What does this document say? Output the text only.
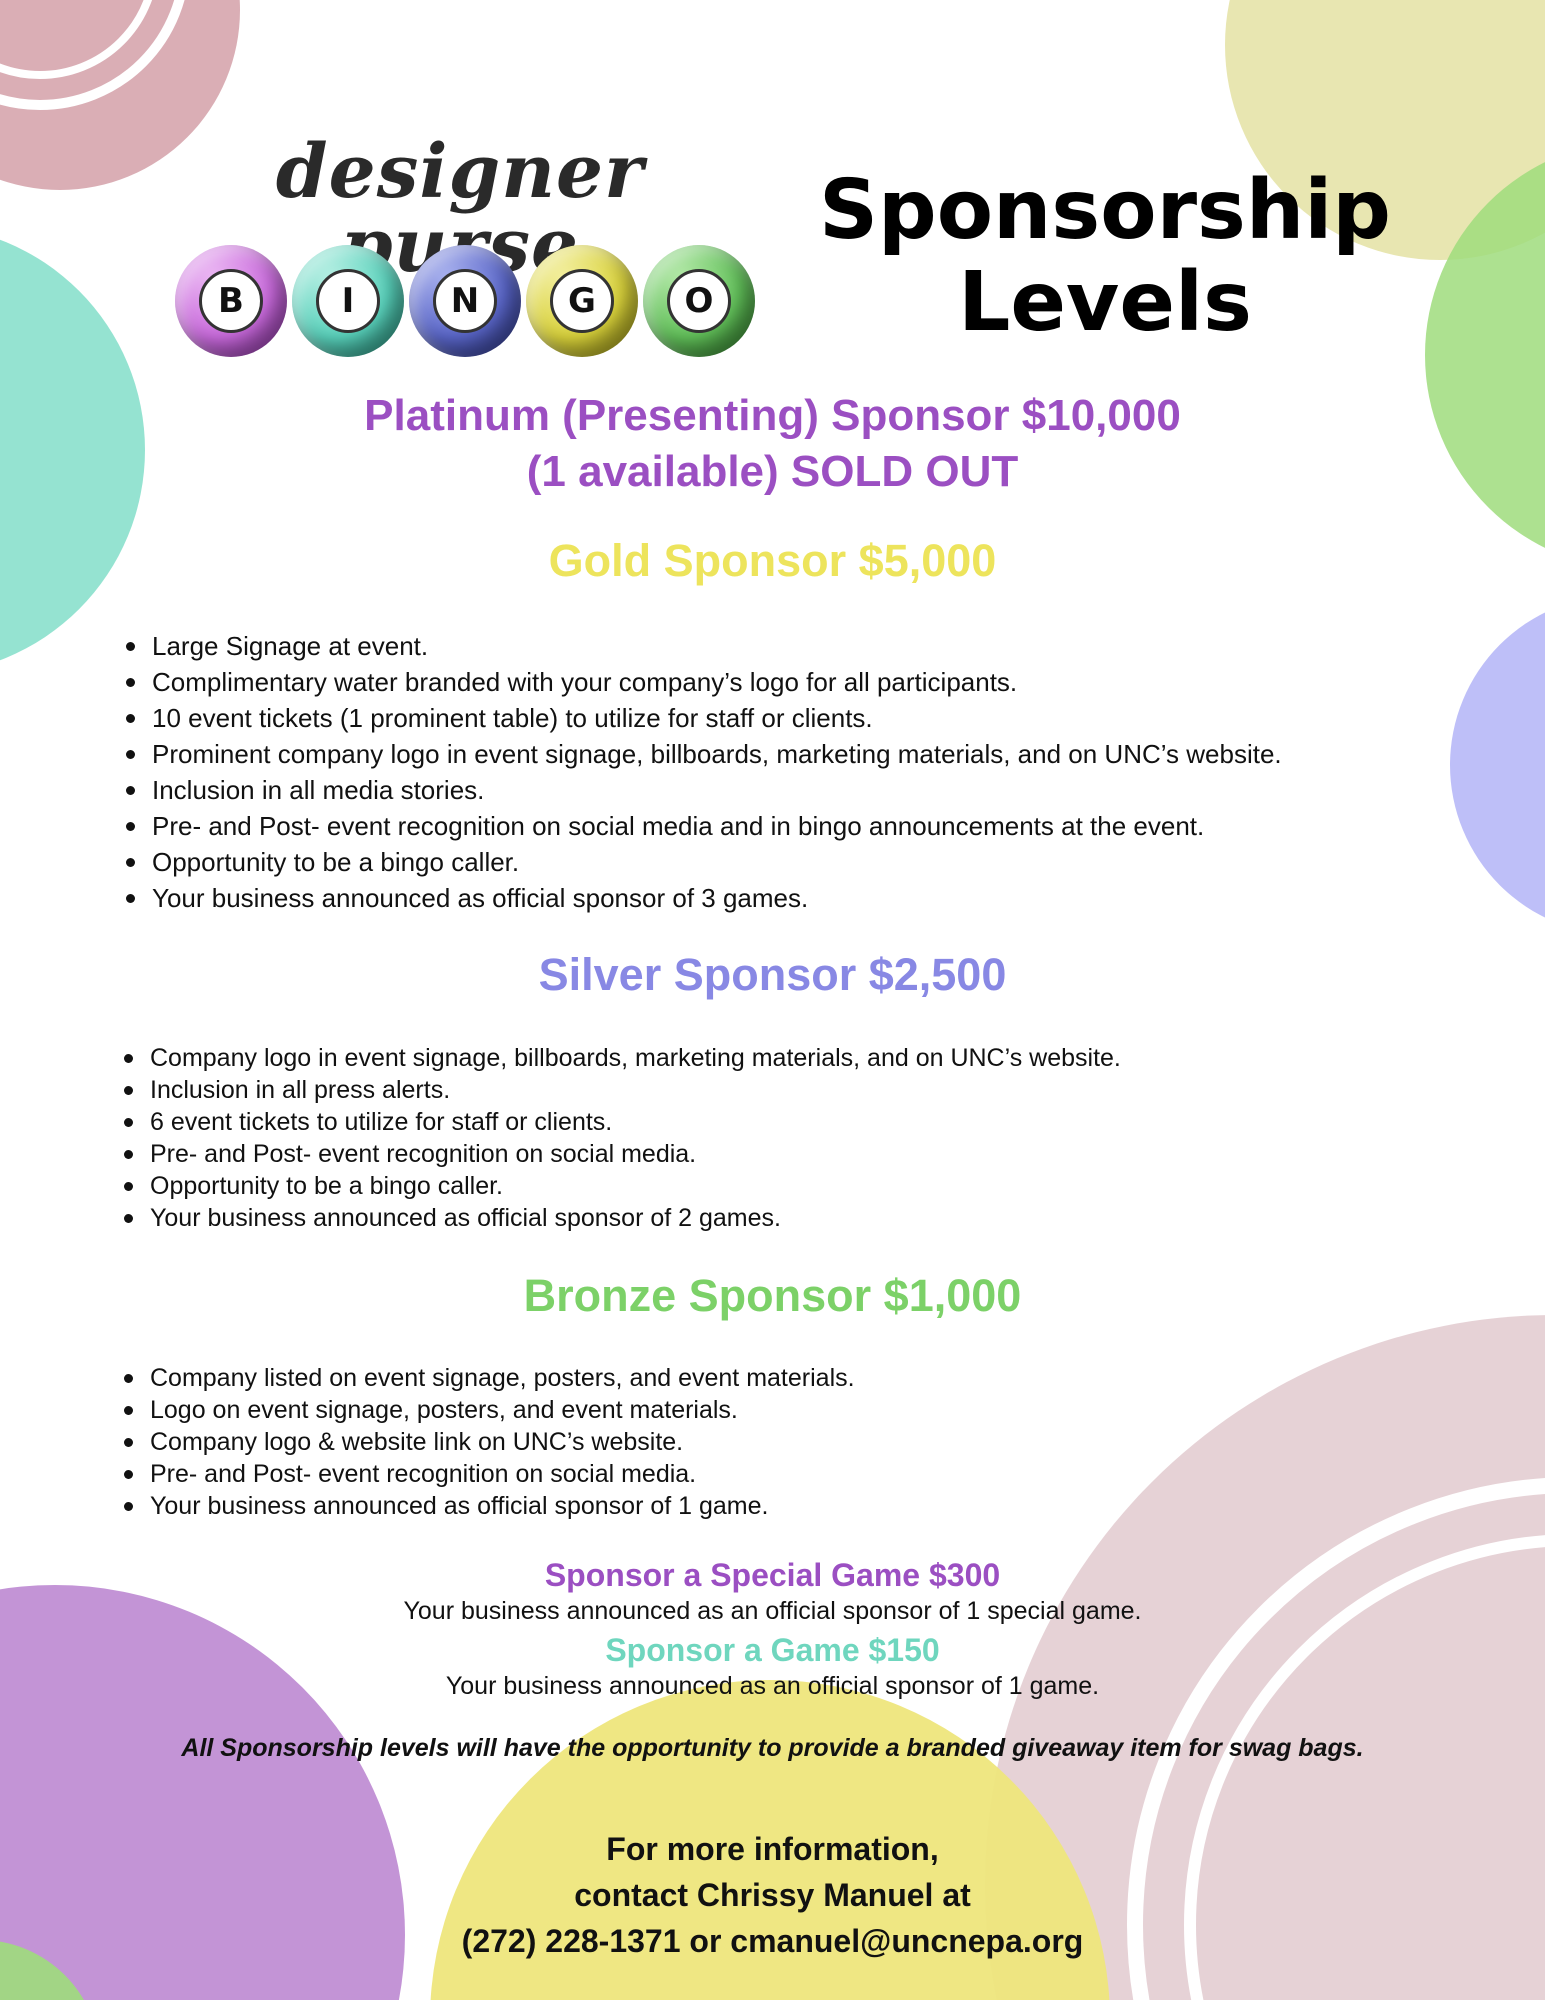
designer
B	I	N	G	O
Sponsorship
Levels
Platinum (Presenting) Sponsor $10,000
(1 available) SOLD OUT
Gold Sponsor $5,000
Large Signage at event.
Complimentary water branded with your company’s logo for all participants.
10 event tickets (1 prominent table) to utilize for staff or clients.
Prominent company logo in event signage, billboards, marketing materials, and on UNC’s website.
Inclusion in all media stories.
Pre- and Post- event recognition on social media and in bingo announcements at the event.
Opportunity to be a bingo caller.
Your business announced as official sponsor of 3 games.
Silver Sponsor $2,500
Company logo in event signage, billboards, marketing materials, and on UNC’s website.
Inclusion in all press alerts.
6 event tickets to utilize for staff or clients.
Pre- and Post- event recognition on social media.
Opportunity to be a bingo caller.
Your business announced as official sponsor of 2 games.
Bronze Sponsor $1,000
Company listed on event signage, posters, and event materials.
Logo on event signage, posters, and event materials.
Company logo & website link on UNC’s website.
Pre- and Post- event recognition on social media.
Your business announced as official sponsor of 1 game.
Sponsor a Special Game $300
Your business announced as an official sponsor of 1 special game.
Sponsor a Game $150
Your business announced as an official sponsor of 1 game.
All Sponsorship levels will have the opportunity to provide a branded giveaway item for swag bags.
For more information,
contact Chrissy Manuel at
(272) 228-1371 or cmanuel@uncnepa.org
